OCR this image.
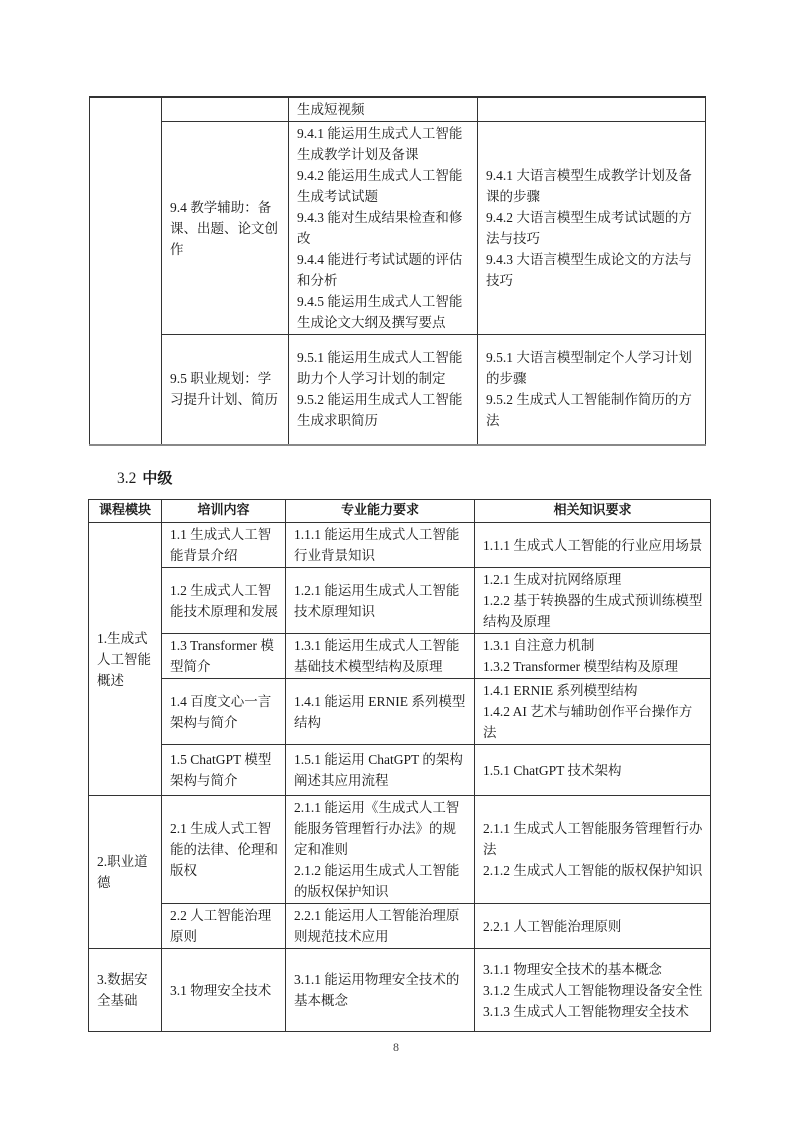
		生成短视频	

	9.4 教学辅助：备课、出题、论文创作	9.4.1 能运用生成式人工智能生成教学计划及备课
9.4.2 能运用生成式人工智能生成考试试题
9.4.3 能对生成结果检查和修改
9.4.4 能进行考试试题的评估和分析
9.4.5 能运用生成式人工智能生成论文大纲及撰写要点	9.4.1 大语言模型生成教学计划及备课的步骤
9.4.2 大语言模型生成考试试题的方法与技巧
9.4.3 大语言模型生成论文的方法与技巧

	9.5 职业规划：学习提升计划、简历	9.5.1 能运用生成式人工智能助力个人学习计划的制定
9.5.2 能运用生成式人工智能生成求职简历	9.5.1 大语言模型制定个人学习计划的步骤
9.5.2 生成式人工智能制作简历的方法
3.2 中级
课程模块	培训内容	专业能力要求	相关知识要求
1.生成式人工智能概述	1.1 生成式人工智能背景介绍	1.1.1 能运用生成式人工智能行业背景知识	1.1.1 生成式人工智能的行业应用场景

	1.2 生成式人工智能技术原理和发展	1.2.1 能运用生成式人工智能技术原理知识	1.2.1 生成对抗网络原理
1.2.2 基于转换器的生成式预训练模型结构及原理

	1.3 Transformer 模型简介	1.3.1 能运用生成式人工智能基础技术模型结构及原理	1.3.1 自注意力机制
1.3.2 Transformer 模型结构及原理

	1.4 百度文心一言架构与简介	1.4.1 能运用 ERNIE 系列模型结构	1.4.1 ERNIE 系列模型结构
1.4.2 AI 艺术与辅助创作平台操作方法

	1.5 ChatGPT 模型架构与简介	1.5.1 能运用 ChatGPT 的架构阐述其应用流程	1.5.1 ChatGPT 技术架构

2.职业道德	2.1 生成人式工智能的法律、伦理和版权	2.1.1 能运用《生成式人工智能服务管理暂行办法》的规定和准则
2.1.2 能运用生成式人工智能的版权保护知识	2.1.1 生成式人工智能服务管理暂行办法
2.1.2 生成式人工智能的版权保护知识

	2.2 人工智能治理原则	2.2.1 能运用人工智能治理原则规范技术应用	2.2.1 人工智能治理原则

3.数据安全基础	3.1 物理安全技术	3.1.1 能运用物理安全技术的基本概念	3.1.1 物理安全技术的基本概念
3.1.2 生成式人工智能物理设备安全性
3.1.3 生成式人工智能物理安全技术
8
